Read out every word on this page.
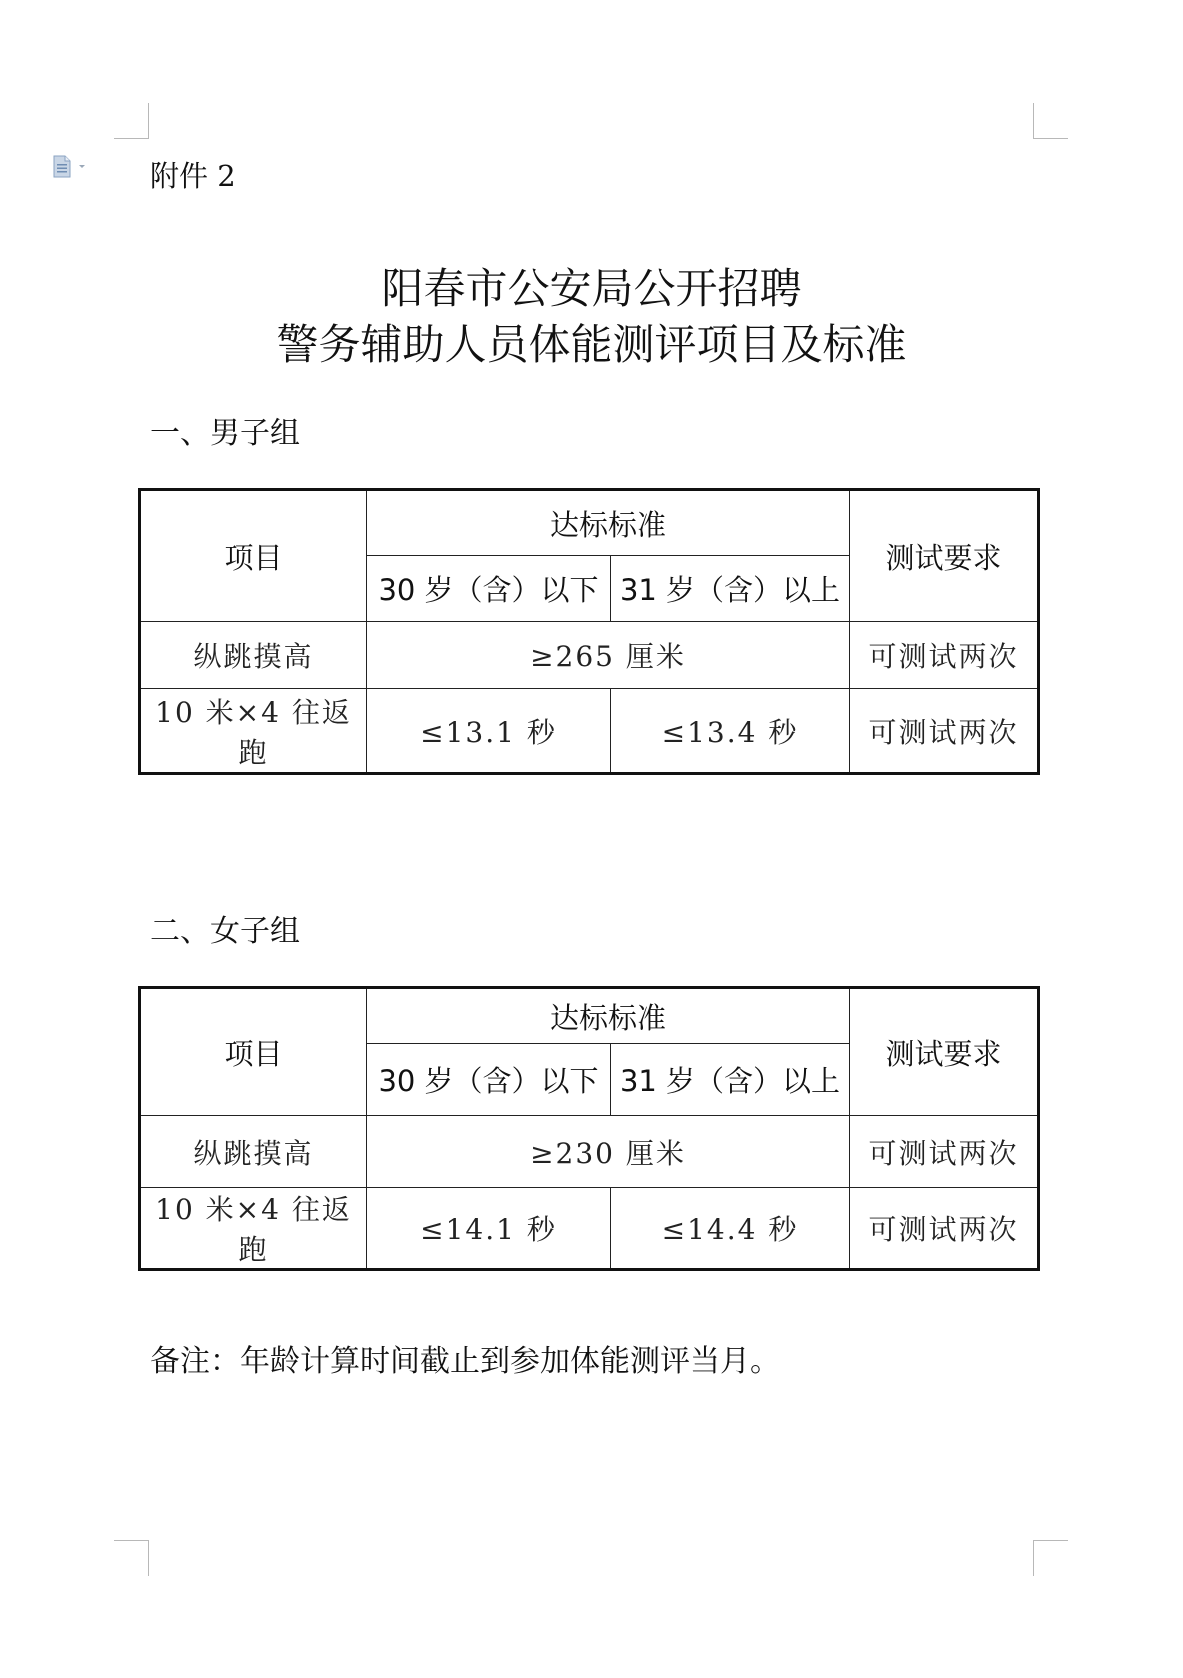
附件 2
阳春市公安局公开招聘
警务辅助人员体能测评项目及标准
一、男子组
项目	达标标准		测试要求
	30 岁（含）以下	31 岁（含）以上	
纵跳摸高	≥265 厘米		可测试两次
10 米×4 往返跑	≤13.1 秒	≤13.4 秒	可测试两次
二、女子组
项目	达标标准		测试要求
	30 岁（含）以下	31 岁（含）以上	
纵跳摸高	≥230 厘米		可测试两次
10 米×4 往返跑	≤14.1 秒	≤14.4 秒	可测试两次
备注：年龄计算时间截止到参加体能测评当月。
